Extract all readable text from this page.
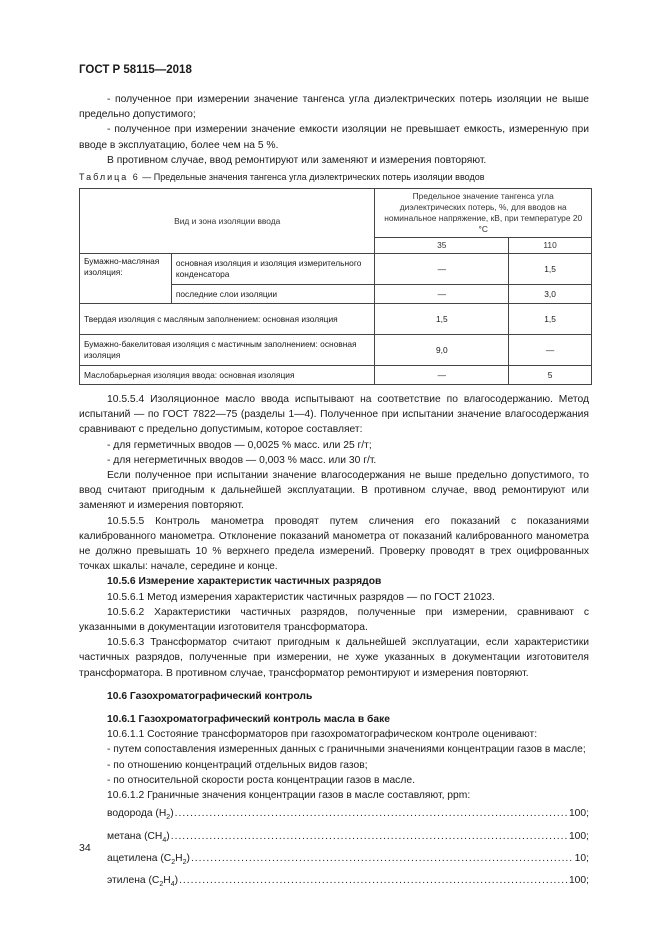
ГОСТ Р 58115—2018

- полученное при измерении значение тангенса угла диэлектрических потерь изоляции не выше предельно допустимого;

- полученное при измерении значение емкости изоляции не превышает емкость, измеренную при вводе в эксплуатацию, более чем на 5 %.

В противном случае, ввод ремонтируют или заменяют и измерения повторяют.

Таблица 6 — Предельные значения тангенса угла диэлектрических потерь изоляции вводов
Вид и зона изоляции ввода		Предельное значение тангенса угла диэлектрических потерь, %, для вводов на номинальное напряжение, кВ, при температуре 20 °С	
		35	110
Бумажно-масляная изоляция:	основная изоляция и изоляция измерительного конденсатора	—	1,5
	последние слои изоляции	—	3,0
Твердая изоляция с масляным заполнением: основная изоляция		1,5	1,5
Бумажно-бакелитовая изоляция с мастичным заполнением: основная изоляция		9,0	—
Маслобарьерная изоляция ввода: основная изоляция		—	5

10.5.5.4 Изоляционное масло ввода испытывают на соответствие по влагосодержанию. Метод испытаний — по ГОСТ 7822—75 (разделы 1—4). Полученное при испытании значение влагосодержания сравнивают с предельно допустимым, которое составляет:

- для герметичных вводов — 0,0025 % масс. или 25 г/т;

- для негерметичных вводов — 0,003 % масс. или 30 г/т.

Если полученное при испытании значение влагосодержания не выше предельно допустимого, то ввод считают пригодным к дальнейшей эксплуатации. В противном случае, ввод ремонтируют или заменяют и измерения повторяют.

10.5.5.5 Контроль манометра проводят путем сличения его показаний с показаниями калиброванного манометра. Отклонение показаний манометра от показаний калиброванного манометра не должно превышать 10 % верхнего предела измерений. Проверку проводят в трех оцифрованных точках шкалы: начале, середине и конце.

10.5.6 Измерение характеристик частичных разрядов

10.5.6.1 Метод измерения характеристик частичных разрядов — по ГОСТ 21023.

10.5.6.2 Характеристики частичных разрядов, полученные при измерении, сравнивают с указанными в документации изготовителя трансформатора.

10.5.6.3 Трансформатор считают пригодным к дальнейшей эксплуатации, если характеристики частичных разрядов, полученные при измерении, не хуже указанных в документации изготовителя трансформатора. В противном случае, трансформатор ремонтируют и измерения повторяют.

10.6 Газохроматографический контроль

10.6.1 Газохроматографический контроль масла в баке

10.6.1.1 Состояние трансформаторов при газохроматографическом контроле оценивают:

- путем сопоставления измеренных данных с граничными значениями концентрации газов в масле;

- по отношению концентраций отдельных видов газов;

- по относительной скорости роста концентрации газов в масле.

10.6.1.2 Граничные значения концентрации газов в масле составляют, ppm:

водорода $(H_2)$ .....	100;
метана $(CH_4)$ .....	100;
ацетилена $(C_2H_2)$ .....	10;
этилена $(C_2H_4)$ .....	100;
34
